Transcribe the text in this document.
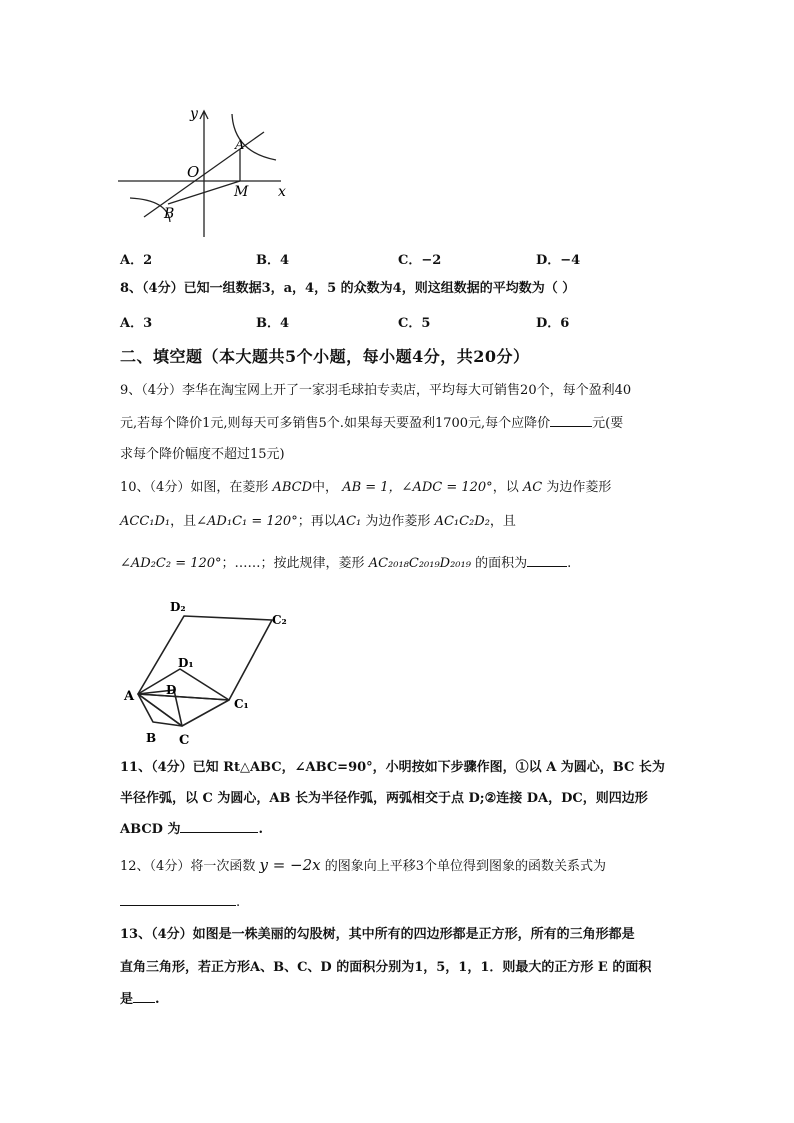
y
x
O
A
M
B
A．2	B．4	C．−2	D．−4
8、（4分）已知一组数据3，a，4，5 的众数为4，则这组数据的平均数为（ ）
A．3	B．4	C．5	D．6
二、填空题（本大题共5个小题，每小题4分，共20分）
9、（4分）李华在淘宝网上开了一家羽毛球拍专卖店，平均每大可销售20个，每个盈利40
元,若每个降价1元,则每天可多销售5个.如果每天要盈利1700元,每个应降价	元(要
求每个降价幅度不超过15元)
10、（4分）如图，在菱形 ABCD中， AB = 1，∠ADC = 120°，以 AC 为边作菱形
ACC₁D₁，且∠AD₁C₁ = 120°；再以AC₁ 为边作菱形 AC₁C₂D₂，且
∠AD₂C₂ = 120°；……；按此规律，菱形 AC₂₀₁₈C₂₀₁₉D₂₀₁₉ 的面积为	.
D₂
C₂
D₁
D
A	C₁
B C
11、（4分）已知 Rt△ABC，∠ABC=90°，小明按如下步骤作图，①以 A 为圆心，BC 长为
半径作弧，以 C 为圆心，AB 长为半径作弧，两弧相交于点 D;②连接 DA，DC，则四边形
ABCD 为	.
12、（4分）将一次函数 y = −2x 的图象向上平移3个单位得到图象的函数关系式为
.
13、（4分）如图是一株美丽的勾股树，其中所有的四边形都是正方形，所有的三角形都是
直角三角形，若正方形A、B、C、D 的面积分别为1，5，1，1．则最大的正方形 E 的面积
是 .
